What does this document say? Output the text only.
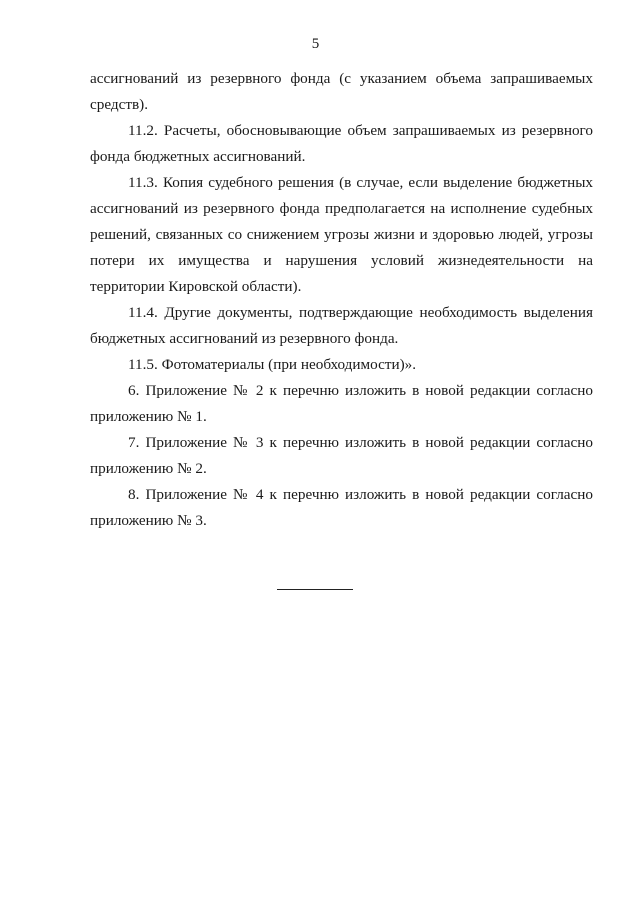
5

ассигнований из резервного фонда (с указанием объема запрашиваемых средств).

11.2. Расчеты, обосновывающие объем запрашиваемых из резервного фонда бюджетных ассигнований.

11.3. Копия судебного решения (в случае, если выделение бюджетных ассигнований из резервного фонда предполагается на исполнение судебных решений, связанных со снижением угрозы жизни и здоровью людей, угрозы потери их имущества и нарушения условий жизнедеятельности на территории Кировской области).

11.4. Другие документы, подтверждающие необходимость выделения бюджетных ассигнований из резервного фонда.

11.5. Фотоматериалы (при необходимости)».

6. Приложение № 2 к перечню изложить в новой редакции согласно приложению № 1.

7. Приложение № 3 к перечню изложить в новой редакции согласно приложению № 2.

8. Приложение № 4 к перечню изложить в новой редакции согласно приложению № 3.
